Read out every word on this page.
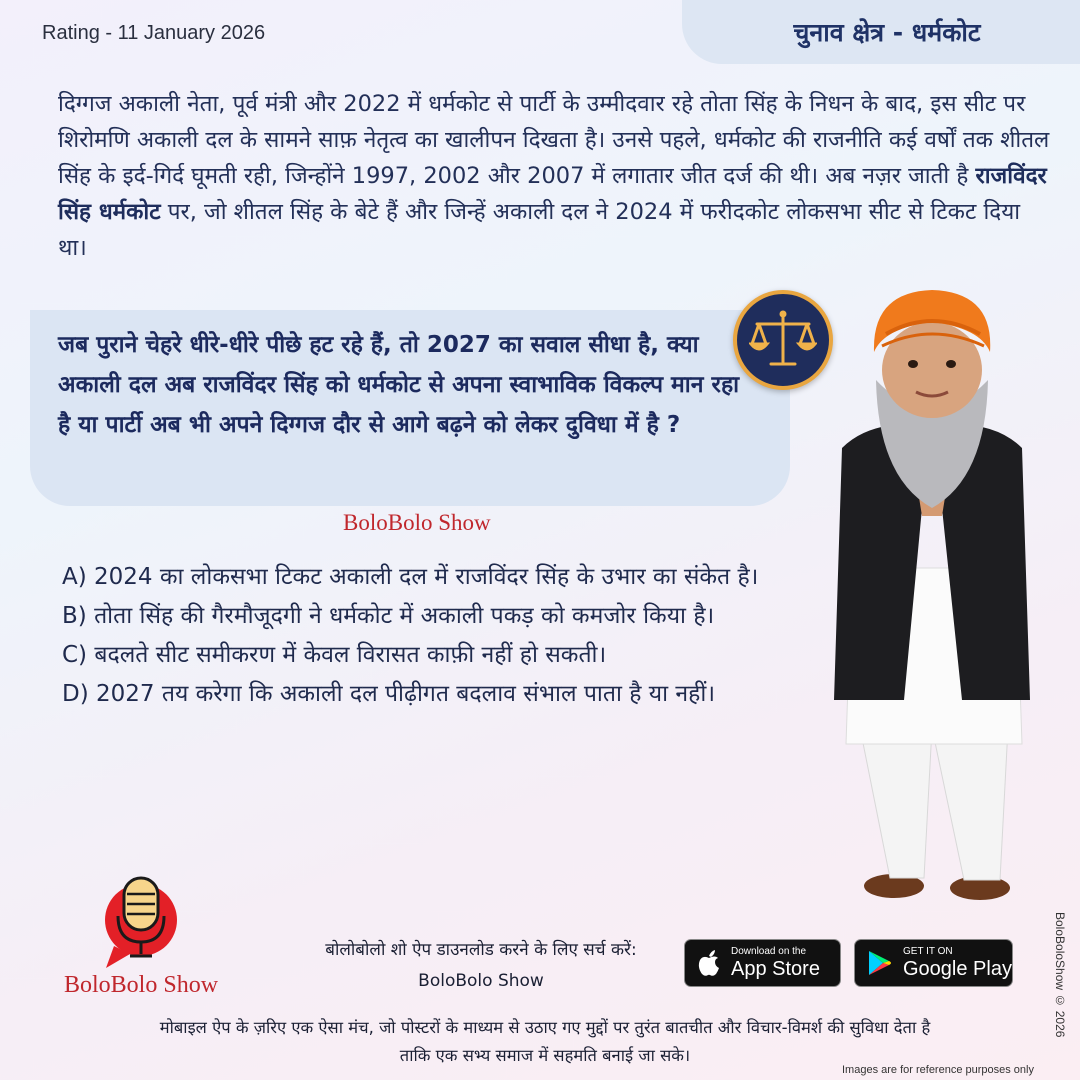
Rating - 11 January 2026	चुनाव क्षेत्र - धर्मकोट

दिग्गज अकाली नेता, पूर्व मंत्री और 2022 में धर्मकोट से पार्टी के उम्मीदवार रहे तोता सिंह के निधन के बाद, इस सीट पर शिरोमणि अकाली दल के सामने साफ़ नेतृत्व का खालीपन दिखता है। उनसे पहले, धर्मकोट की राजनीति कई वर्षों तक शीतल सिंह के इर्द-गिर्द घूमती रही, जिन्होंने 1997, 2002 और 2007 में लगातार जीत दर्ज की थी। अब नज़र जाती है राजविंदर सिंह धर्मकोट पर, जो शीतल सिंह के बेटे हैं और जिन्हें अकाली दल ने 2024 में फरीदकोट लोकसभा सीट से टिकट दिया था।

जब पुराने चेहरे धीरे-धीरे पीछे हट रहे हैं, तो 2027 का सवाल सीधा है, क्या अकाली दल अब राजविंदर सिंह को धर्मकोट से अपना स्वाभाविक विकल्प मान रहा है या पार्टी अब भी अपने दिग्गज दौर से आगे बढ़ने को लेकर दुविधा में है ?

BoloBolo Show
A) 2024 का लोकसभा टिकट अकाली दल में राजविंदर सिंह के उभार का संकेत है।
B) तोता सिंह की गैरमौजूदगी ने धर्मकोट में अकाली पकड़ को कमजोर किया है।
C) बदलते सीट समीकरण में केवल विरासत काफ़ी नहीं हो सकती।
D) 2027 तय करेगा कि अकाली दल पीढ़ीगत बदलाव संभाल पाता है या नहीं।
BoloBolo Show
बोलोबोलो शो ऐप डाउनलोड करने के लिए सर्च करें:
BoloBolo Show
Download on the
App Store
GET IT ON
Google Play
मोबाइल ऐप के ज़रिए एक ऐसा मंच, जो पोस्टरों के माध्यम से उठाए गए मुद्दों पर तुरंत बातचीत और विचार-विमर्श की सुविधा देता है
ताकि एक सभ्य समाज में सहमति बनाई जा सके।
Images are for reference purposes only
BoloBoloShow © 2026
